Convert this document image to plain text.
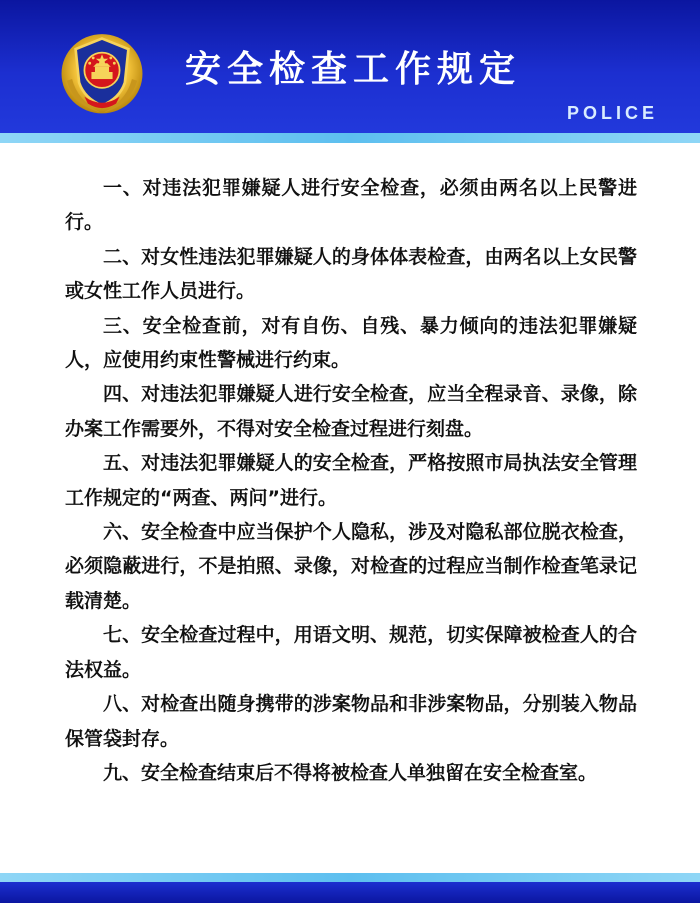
安全检查工作规定
POLICE

一、对违法犯罪嫌疑人进行安全检查，必须由两名以上民警进行。

二、对女性违法犯罪嫌疑人的身体体表检查，由两名以上女民警或女性工作人员进行。

三、安全检查前，对有自伤、自残、暴力倾向的违法犯罪嫌疑人，应使用约束性警械进行约束。

四、对违法犯罪嫌疑人进行安全检查，应当全程录音、录像，除办案工作需要外，不得对安全检查过程进行刻盘。

五、对违法犯罪嫌疑人的安全检查，严格按照市局执法安全管理工作规定的“两查、两问”进行。

六、安全检查中应当保护个人隐私，涉及对隐私部位脱衣检查，必须隐蔽进行，不是拍照、录像，对检查的过程应当制作检查笔录记载清楚。

七、安全检查过程中，用语文明、规范，切实保障被检查人的合法权益。

八、对检查出随身携带的涉案物品和非涉案物品，分别装入物品保管袋封存。

九、安全检查结束后不得将被检查人单独留在安全检查室。
